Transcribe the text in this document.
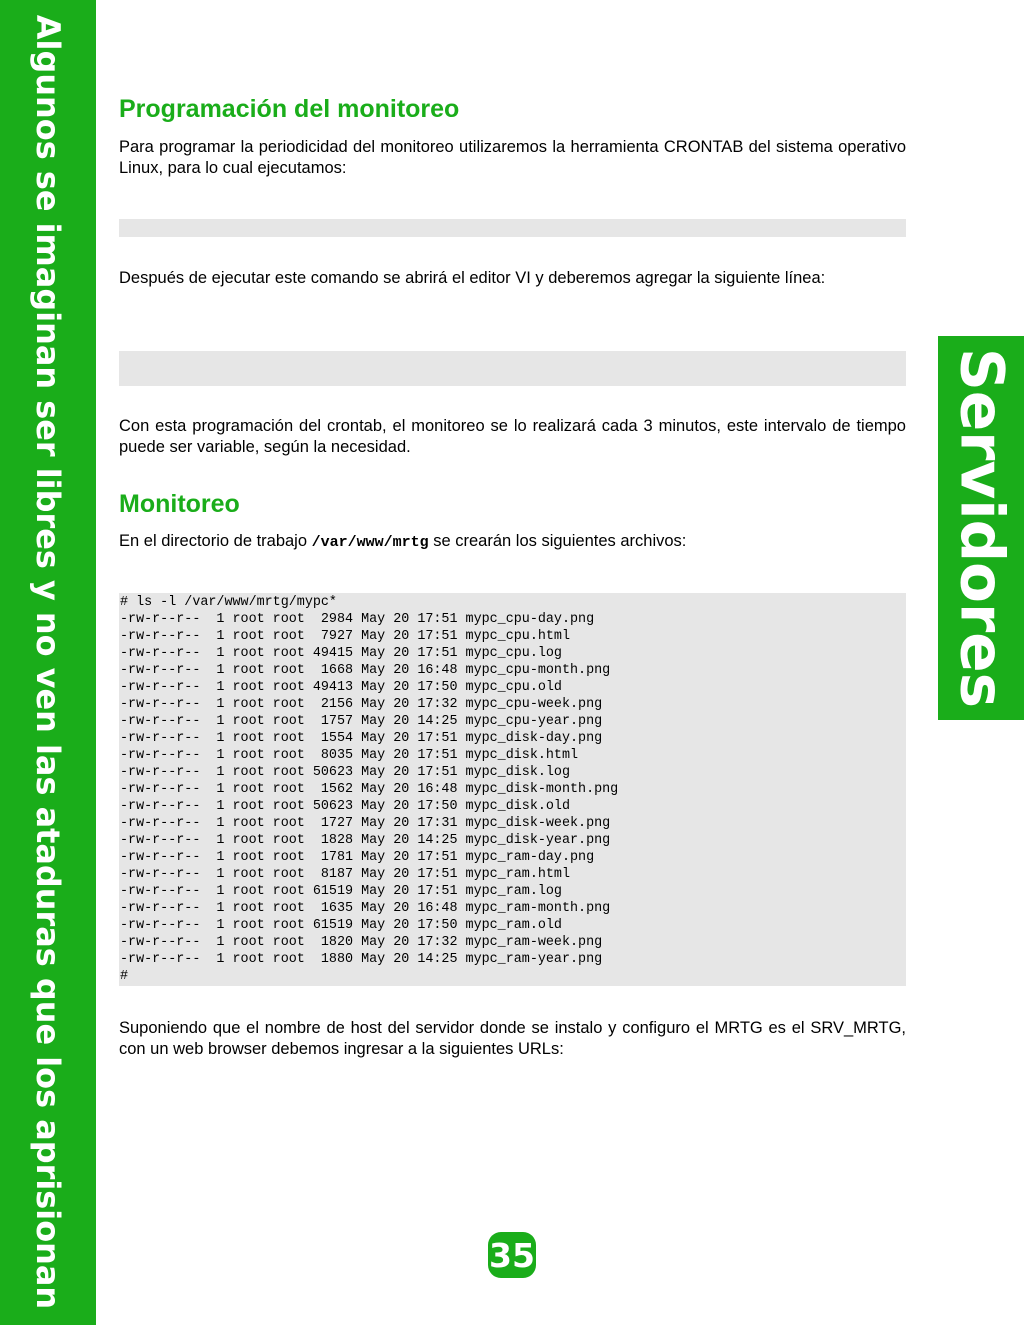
Algunos se imaginan ser libres y no ven las ataduras que los aprisionan	Servidores
Programación del monitoreo

Para programar la periodicidad del monitoreo utilizaremos la herramienta CRONTAB del sistema operativo Linux, para lo cual ejecutamos:

Después de ejecutar este comando se abrirá el editor VI y deberemos agregar la siguiente línea:

Con esta programación del crontab, el monitoreo se lo realizará cada 3 minutos, este intervalo de tiempo puede ser variable, según la necesidad.

Monitoreo

En el directorio de trabajo /var/www/mrtg se crearán los siguientes archivos:

# ls -l /var/www/mrtg/mypc*
-rw-r--r--  1 root root  2984 May 20 17:51 mypc_cpu-day.png
-rw-r--r--  1 root root  7927 May 20 17:51 mypc_cpu.html
-rw-r--r--  1 root root 49415 May 20 17:51 mypc_cpu.log
-rw-r--r--  1 root root  1668 May 20 16:48 mypc_cpu-month.png
-rw-r--r--  1 root root 49413 May 20 17:50 mypc_cpu.old
-rw-r--r--  1 root root  2156 May 20 17:32 mypc_cpu-week.png
-rw-r--r--  1 root root  1757 May 20 14:25 mypc_cpu-year.png
-rw-r--r--  1 root root  1554 May 20 17:51 mypc_disk-day.png
-rw-r--r--  1 root root  8035 May 20 17:51 mypc_disk.html
-rw-r--r--  1 root root 50623 May 20 17:51 mypc_disk.log
-rw-r--r--  1 root root  1562 May 20 16:48 mypc_disk-month.png
-rw-r--r--  1 root root 50623 May 20 17:50 mypc_disk.old
-rw-r--r--  1 root root  1727 May 20 17:31 mypc_disk-week.png
-rw-r--r--  1 root root  1828 May 20 14:25 mypc_disk-year.png
-rw-r--r--  1 root root  1781 May 20 17:51 mypc_ram-day.png
-rw-r--r--  1 root root  8187 May 20 17:51 mypc_ram.html
-rw-r--r--  1 root root 61519 May 20 17:51 mypc_ram.log
-rw-r--r--  1 root root  1635 May 20 16:48 mypc_ram-month.png
-rw-r--r--  1 root root 61519 May 20 17:50 mypc_ram.old
-rw-r--r--  1 root root  1820 May 20 17:32 mypc_ram-week.png
-rw-r--r--  1 root root  1880 May 20 14:25 mypc_ram-year.png
#

Suponiendo que el nombre de host del servidor donde se instalo y configuro el MRTG es el SRV_MRTG, con un web browser debemos ingresar a la siguientes URLs:

35
